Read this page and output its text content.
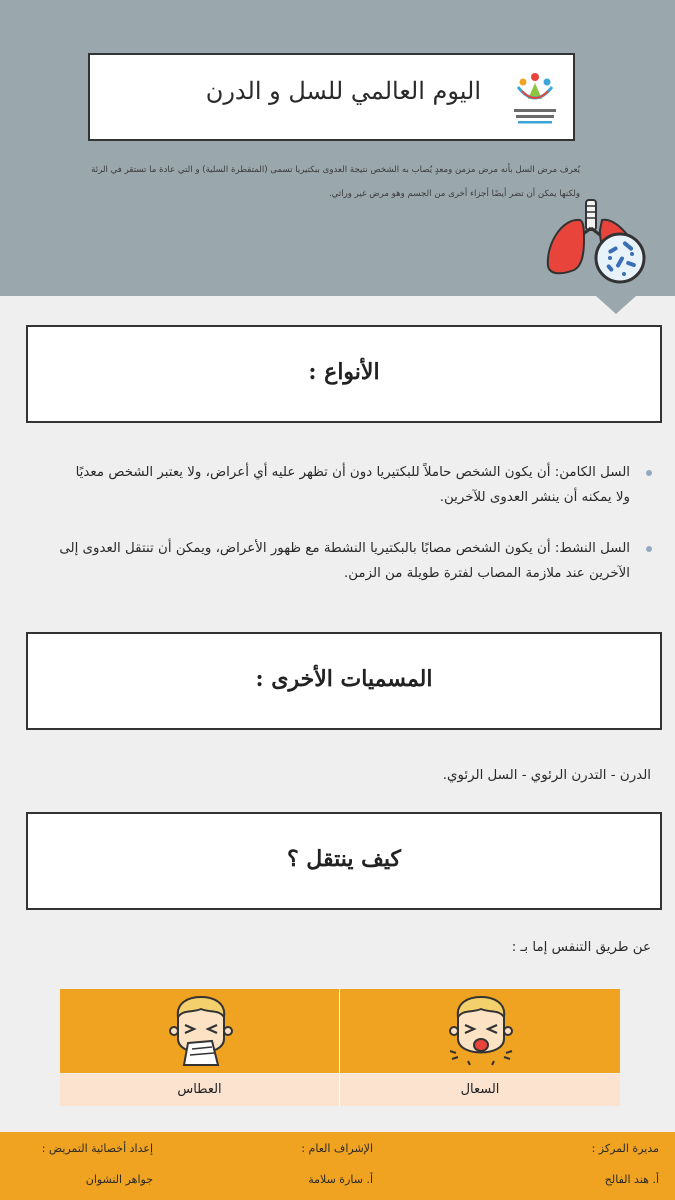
اليوم العالمي للسل و الدرن
يُعرف مرض السل بأنه مرض مزمن ومعدٍ يُصاب به الشخص نتيجة العدوى ببكتيريا تسمى (المتفطرة السلية) و التي عادة ما تستقر في الرئة
ولكنها يمكن أن تضر أيضًا أجزاء أخرى من الجسم وهو مرض غير وراثي.
الأنواع :
السل الكامن: أن يكون الشخص حاملاً للبكتيريا دون أن تظهر عليه أي أعراض، ولا يعتبر الشخص معديًا
ولا يمكنه أن ينشر العدوى للآخرين.
السل النشط: أن يكون الشخص مصابًا بالبكتيريا النشطة مع ظهور الأعراض، ويمكن أن تنتقل العدوى إلى
الآخرين عند ملازمة المصاب لفترة طويلة من الزمن.
المسميات الأخرى :
الدرن - التدرن الرئوي - السل الرئوي.
كيف ينتقل ؟
عن طريق التنفس إما بـ :
العطاس	السعال
مديرة المركز :
أ. هند الفالح
الإشراف العام :
أ. سارة سلامة
إعداد أخصائية التمريض :
جواهر النشوان
